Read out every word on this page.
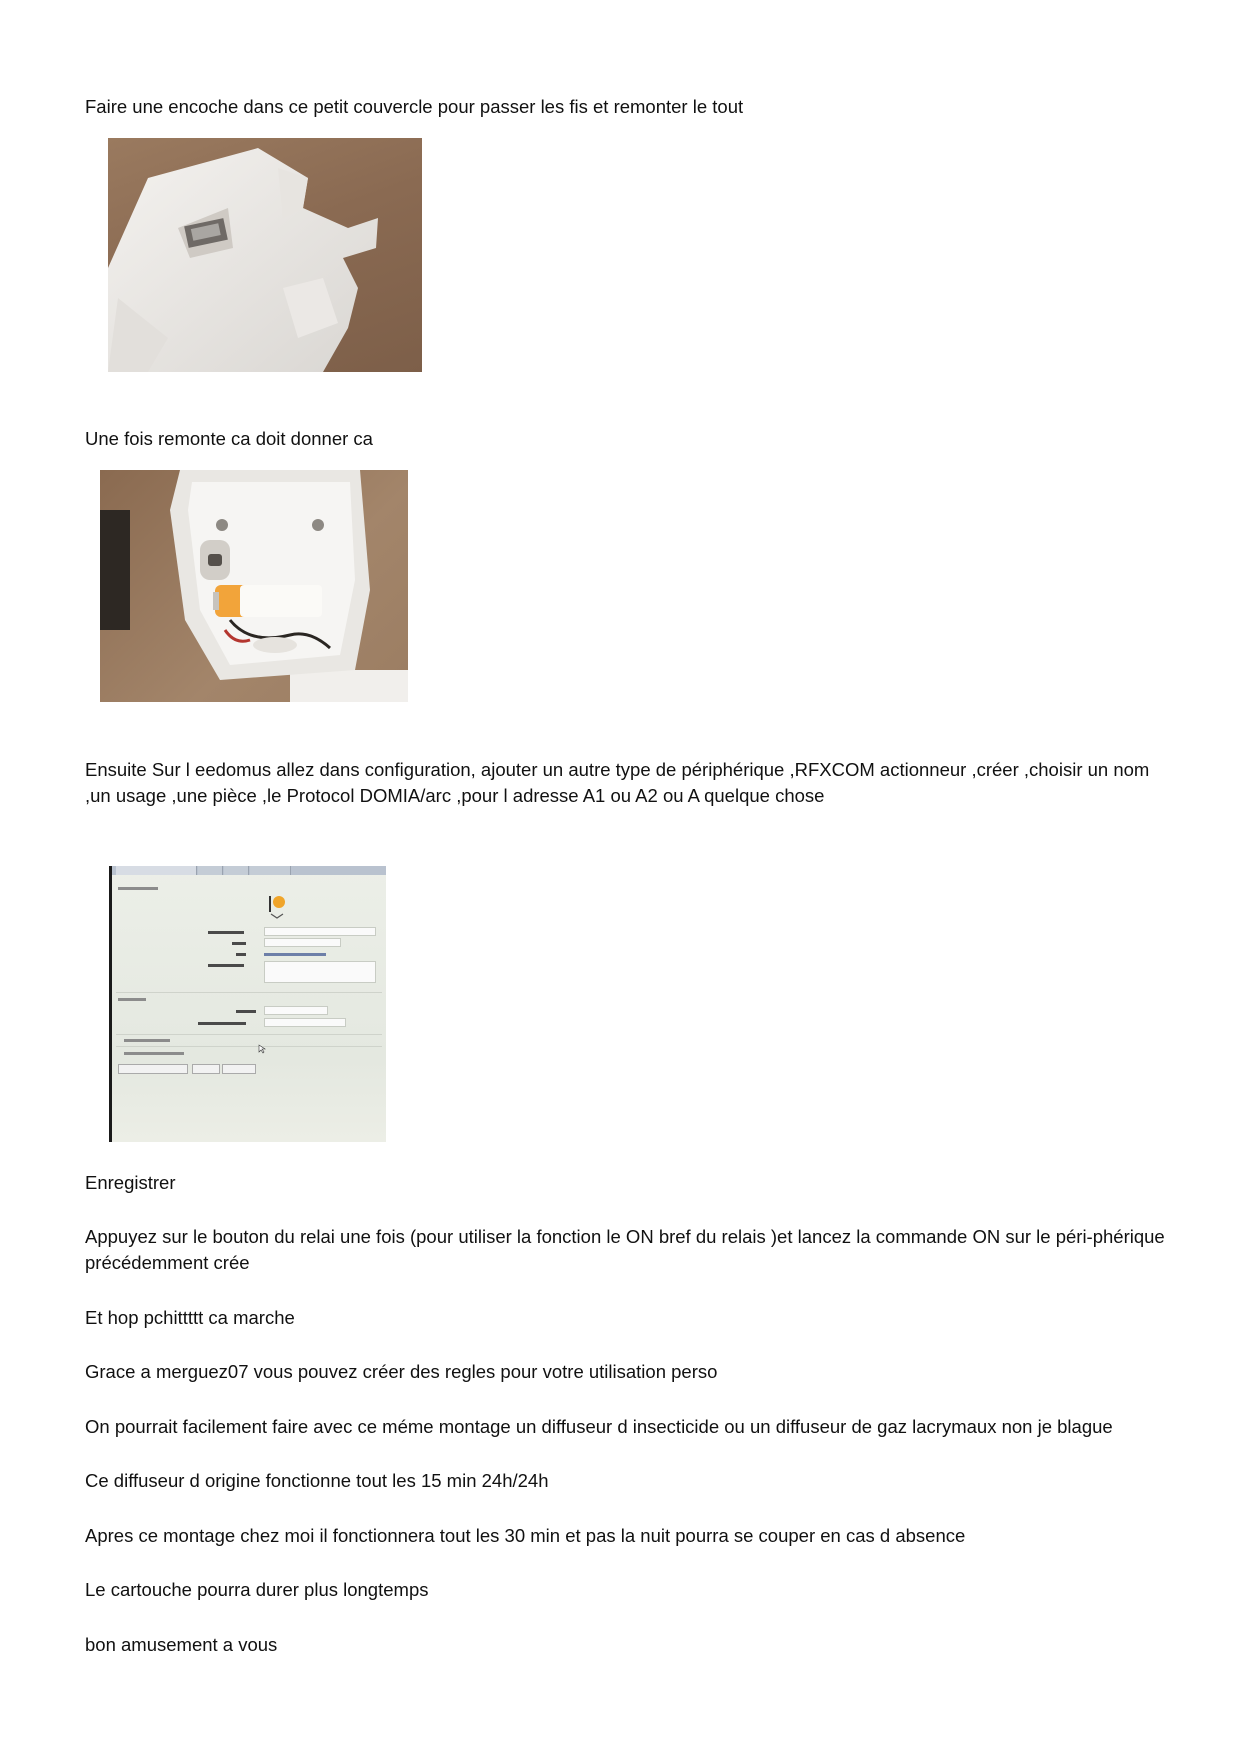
Faire une encoche dans ce petit couvercle pour passer les fis et remonter le tout

Une fois remonte ca doit donner ca

Ensuite Sur l eedomus allez dans configuration, ajouter un autre type de périphérique ,RFXCOM actionneur ,créer ,choisir un nom ,un usage ,une pièce ,le Protocol DOMIA/arc ,pour l adresse A1 ou A2 ou A quelque chose

Enregistrer

Appuyez sur le bouton du relai une fois (pour utiliser la fonction le ON bref du relais )et lancez la commande ON sur le péri-phérique précédemment crée

Et hop pchittttt ca marche

Grace a merguez07 vous pouvez créer des regles pour votre utilisation perso

On pourrait facilement faire avec ce méme montage un diffuseur d insecticide ou un diffuseur de gaz lacrymaux non je blague

Ce diffuseur d origine fonctionne tout les 15 min 24h/24h

Apres ce montage chez moi il fonctionnera tout les 30 min et pas la nuit pourra se couper en cas d absence

Le cartouche pourra durer plus longtemps

bon amusement a vous
